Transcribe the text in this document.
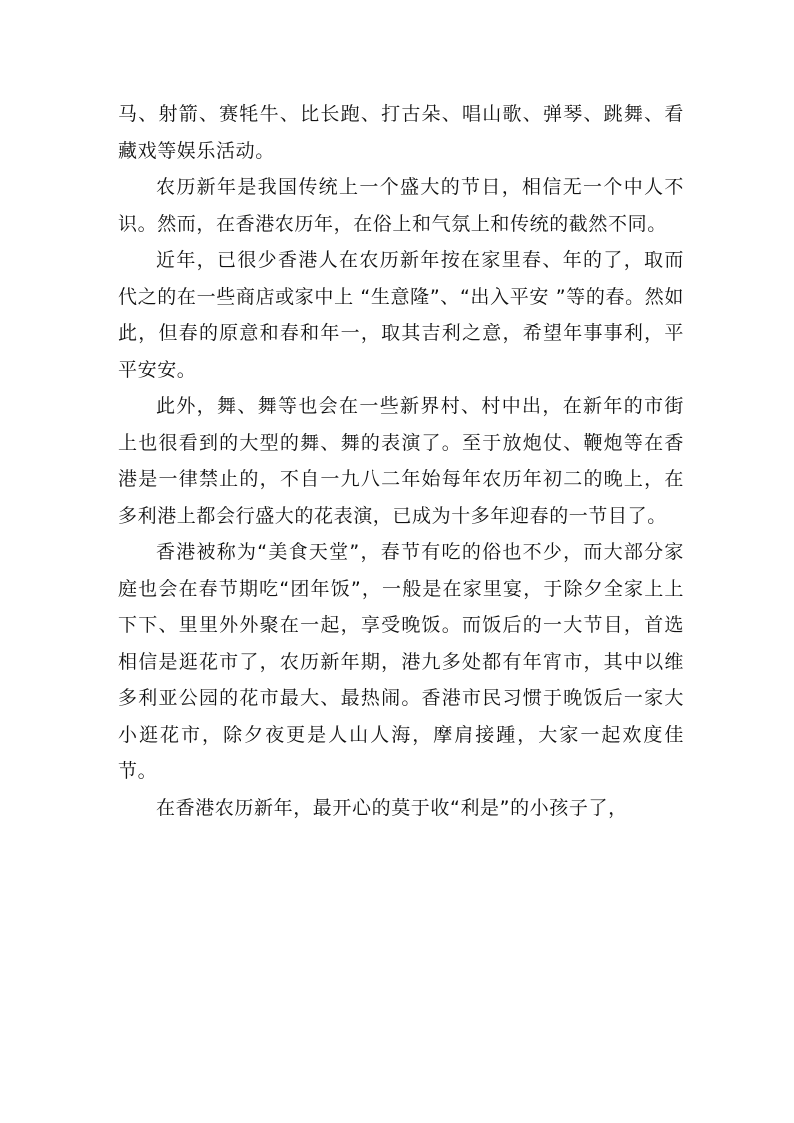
马、射箭、赛牦牛、比长跑、打古朵、唱山歌、弹琴、跳舞、看藏戏等娱乐活动。

农历新年是我国传统上一个盛大的节日，相信无一个中人不识。然而，在香港农历年，在俗上和气氛上和传统的截然不同。

近年，已很少香港人在农历新年按在家里春、年的了，取而代之的在一些商店或家中上 “生意隆”、“出入平安 ”等的春。然如此，但春的原意和春和年一，取其吉利之意，希望年事事利，平平安安。

此外，舞、舞等也会在一些新界村、村中出，在新年的市街上也很看到的大型的舞、舞的表演了。至于放炮仗、鞭炮等在香港是一律禁止的，不自一九八二年始每年农历年初二的晚上，在多利港上都会行盛大的花表演，已成为十多年迎春的一节目了。

香港被称为“美食天堂”，春节有吃的俗也不少，而大部分家庭也会在春节期吃“团年饭”，一般是在家里宴，于除夕全家上上下下、里里外外聚在一起，享受晚饭。而饭后的一大节目，首选相信是逛花市了，农历新年期，港九多处都有年宵市，其中以维多利亚公园的花市最大、最热闹。香港市民习惯于晚饭后一家大小逛花市，除夕夜更是人山人海，摩肩接踵，大家一起欢度佳节。

在香港农历新年，最开心的莫于收“利是”的小孩子了，
